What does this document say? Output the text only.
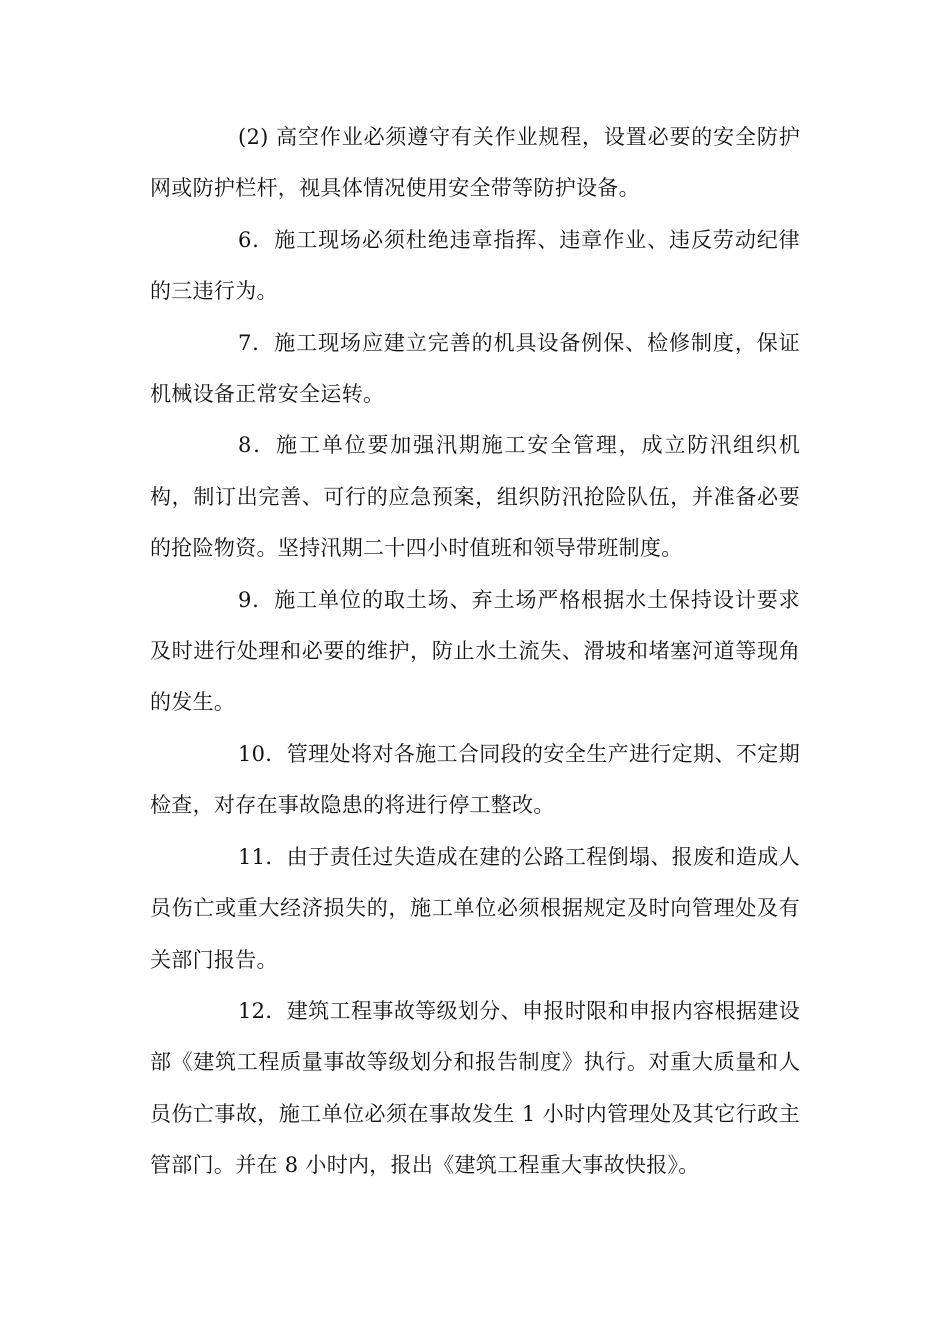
(2) 高空作业必须遵守有关作业规程，设置必要的安全防护网或防护栏杆，视具体情况使用安全带等防护设备。

6．施工现场必须杜绝违章指挥、违章作业、违反劳动纪律的三违行为。

7．施工现场应建立完善的机具设备例保、检修制度，保证机械设备正常安全运转。

8．施工单位要加强汛期施工安全管理，成立防汛组织机构，制订出完善、可行的应急预案，组织防汛抢险队伍，并准备必要的抢险物资。坚持汛期二十四小时值班和领导带班制度。

9．施工单位的取土场、弃土场严格根据水土保持设计要求及时进行处理和必要的维护，防止水土流失、滑坡和堵塞河道等现角的发生。

10．管理处将对各施工合同段的安全生产进行定期、不定期检查，对存在事故隐患的将进行停工整改。

11．由于责任过失造成在建的公路工程倒塌、报废和造成人员伤亡或重大经济损失的，施工单位必须根据规定及时向管理处及有关部门报告。

12．建筑工程事故等级划分、申报时限和申报内容根据建设部《建筑工程质量事故等级划分和报告制度》执行。对重大质量和人员伤亡事故，施工单位必须在事故发生 1 小时内管理处及其它行政主管部门。并在 8 小时内，报出《建筑工程重大事故快报》。
